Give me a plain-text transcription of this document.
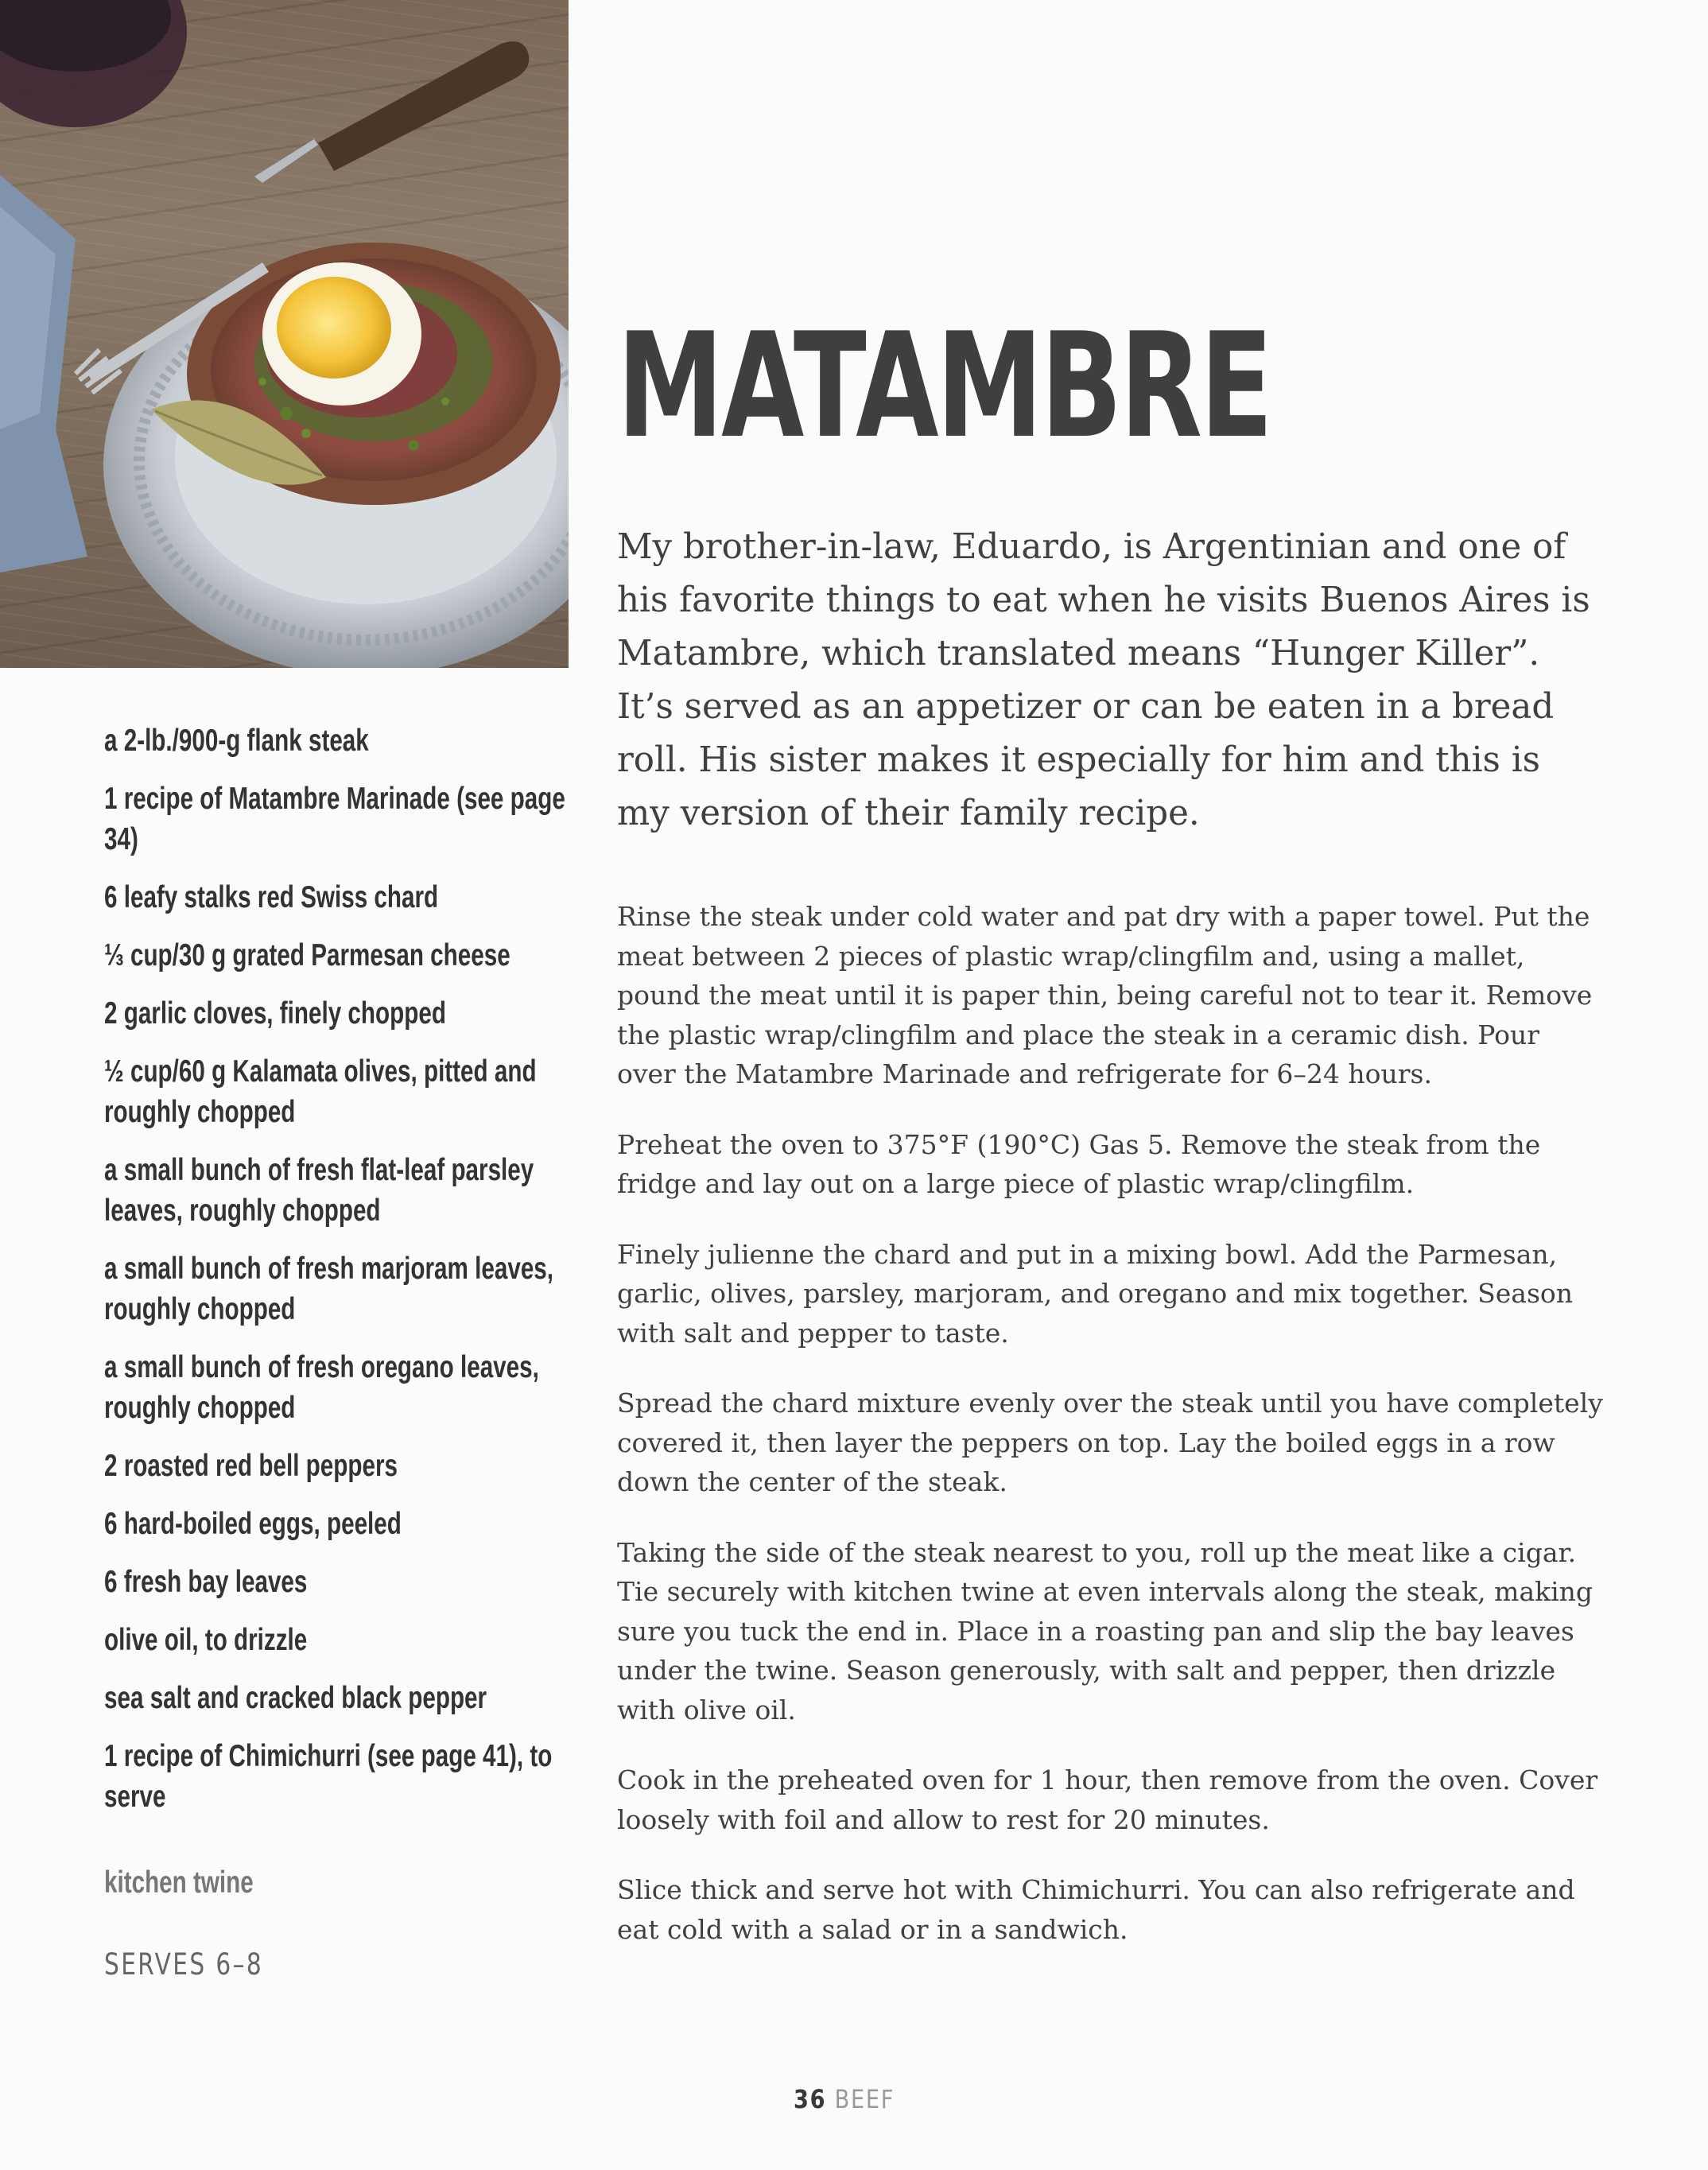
MATAMBRE

My brother-in-law, Eduardo, is Argentinian and one of his favorite things to eat when he visits Buenos Aires is Matambre, which translated means “Hunger Killer”. It’s served as an appetizer or can be eaten in a bread roll. His sister makes it especially for him and this is my version of their family recipe.

a 2-lb./900-g flank steak
1 recipe of Matambre Marinade (see page 34)
6 leafy stalks red Swiss chard
⅓ cup/30 g grated Parmesan cheese
2 garlic cloves, finely chopped
½ cup/60 g Kalamata olives, pitted and roughly chopped
a small bunch of fresh flat-leaf parsley leaves, roughly chopped
a small bunch of fresh marjoram leaves, roughly chopped
a small bunch of fresh oregano leaves, roughly chopped
2 roasted red bell peppers
6 hard-boiled eggs, peeled
6 fresh bay leaves
olive oil, to drizzle
sea salt and cracked black pepper
1 recipe of Chimichurri (see page 41), to serve

kitchen twine

SERVES 6–8

Rinse the steak under cold water and pat dry with a paper towel. Put the meat between 2 pieces of plastic wrap/clingfilm and, using a mallet, pound the meat until it is paper thin, being careful not to tear it. Remove the plastic wrap/clingfilm and place the steak in a ceramic dish. Pour over the Matambre Marinade and refrigerate for 6–24 hours.

Preheat the oven to 375°F (190°C) Gas 5. Remove the steak from the fridge and lay out on a large piece of plastic wrap/clingfilm.

Finely julienne the chard and put in a mixing bowl. Add the Parmesan, garlic, olives, parsley, marjoram, and oregano and mix together. Season with salt and pepper to taste.

Spread the chard mixture evenly over the steak until you have completely covered it, then layer the peppers on top. Lay the boiled eggs in a row down the center of the steak.

Taking the side of the steak nearest to you, roll up the meat like a cigar. Tie securely with kitchen twine at even intervals along the steak, making sure you tuck the end in. Place in a roasting pan and slip the bay leaves under the twine. Season generously, with salt and pepper, then drizzle with olive oil.

Cook in the preheated oven for 1 hour, then remove from the oven. Cover loosely with foil and allow to rest for 20 minutes.

Slice thick and serve hot with Chimichurri. You can also refrigerate and eat cold with a salad or in a sandwich.

36 BEEF
